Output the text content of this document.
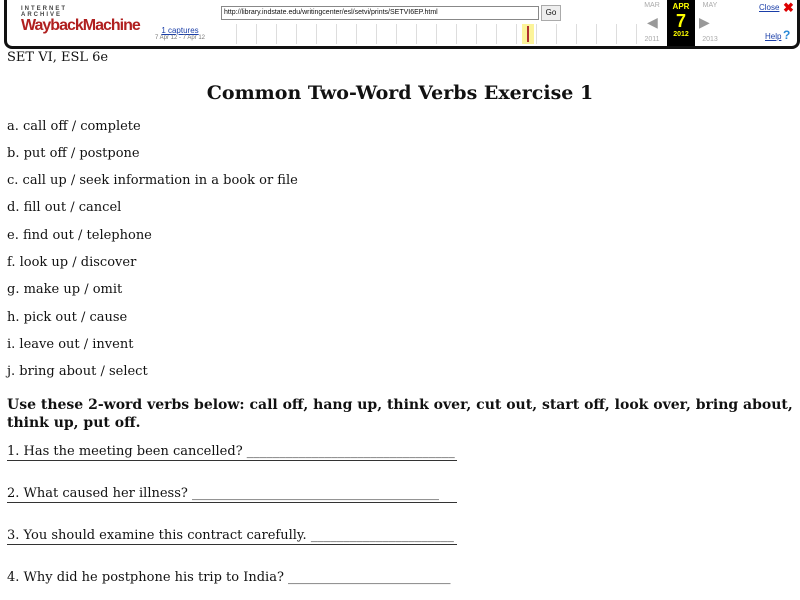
INTERNET ARCHIVE
WaybackMachine
http://library.indstate.edu/writingcenter/esl/setvi/prints/SETVI6EP.html	Go
1 captures
7 Apr 12 - 7 Apr 12
MAR	MAY
◀	▶
2011	2013
APR
7
2012
Close ✖
Help ?
SET VI, ESL 6e
Common Two-Word Verbs Exercise 1
a. call off / complete
b. put off / postpone
c. call up / seek information in a book or file
d. fill out / cancel
e. find out / telephone
f. look up / discover
g. make up / omit
h. pick out / cause
i. leave out / invent
j. bring about / select
Use these 2-word verbs below: call off, hang up, think over, cut out, start off, look over, bring about, think up, put off.
1. Has the meeting been cancelled? ________________________________
2. What caused her illness? ______________________________________
3. You should examine this contract carefully. ______________________
4. Why did he postphone his trip to India? _________________________
